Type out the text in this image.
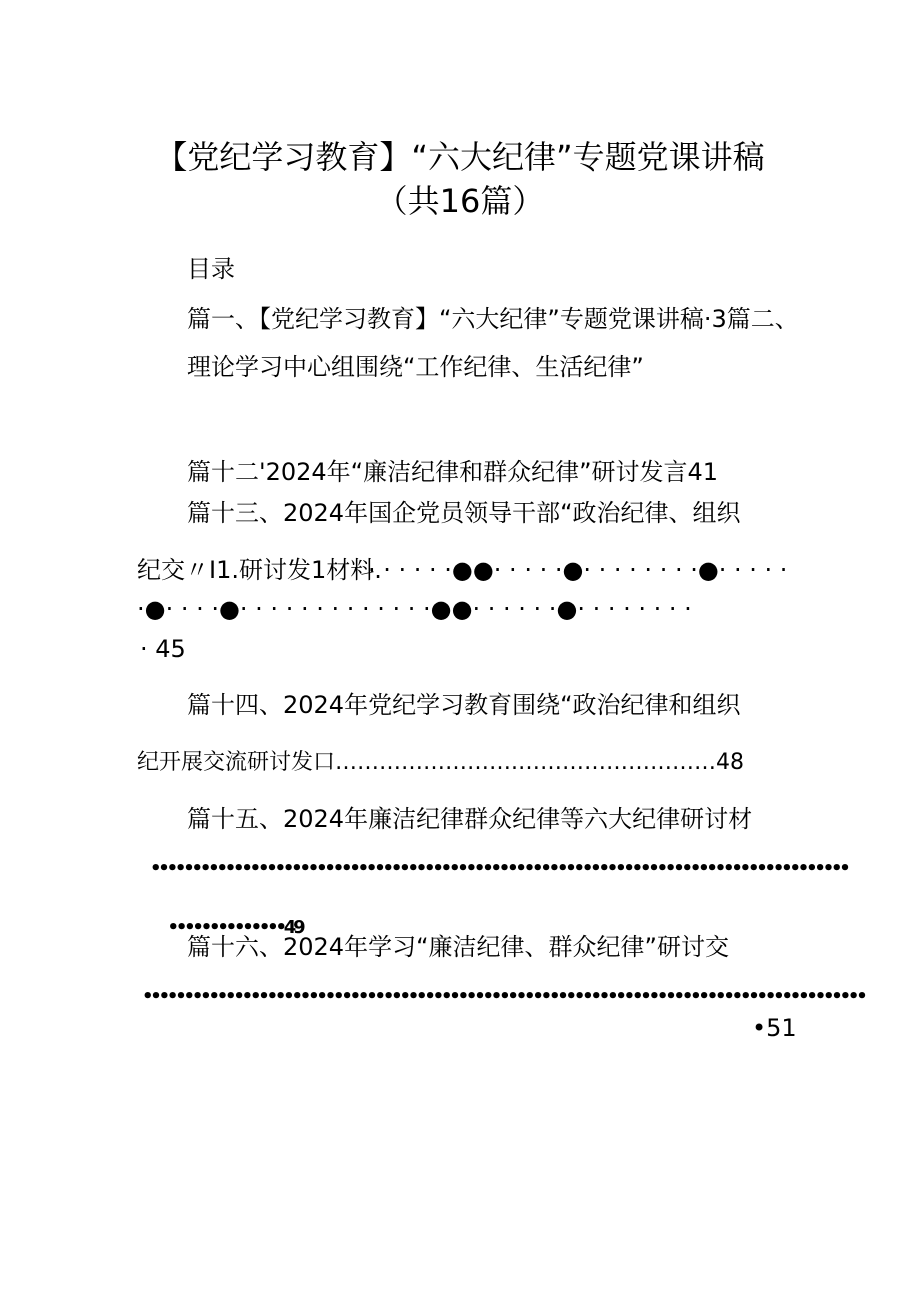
【党纪学习教育】“六大纪律”专题党课讲稿
（共16篇）
目录
篇一、【党纪学习教育】“六大纪律”专题党课讲稿·3篇二、
理论学习中心组围绕“工作纪律、生活纪律”
篇十二'2024年“廉洁纪律和群众纪律”研讨发言41
篇十三、2024年国企党员领导干部“政治纪律、组织
纪交〃I1.研讨发1材料.
· · · · · ·●●· · · · ·●· · · · · · · ·●· · · · ·
·●· · · ·●· · · · · · · · · · · · ·●●· · · · · ·●· · · · · · · ·
· 45
篇十四、2024年党纪学习教育围绕“政治纪律和组织
纪开展交流研讨发口…………………….………………………48
篇十五、2024年廉洁纪律群众纪律等六大纪律研讨材
••••••••••••••••••••••••••••••••••••••••••••••••••••••••••••••••••••••••••••••••••••

••••••••••••••49

篇十六、2024年学习“廉洁纪律、群众纪律”研讨交
•••••••••••••••••••••••••••••••••••••••••••••••••••••••••••••••••••••••••••••••••••••••
•51
